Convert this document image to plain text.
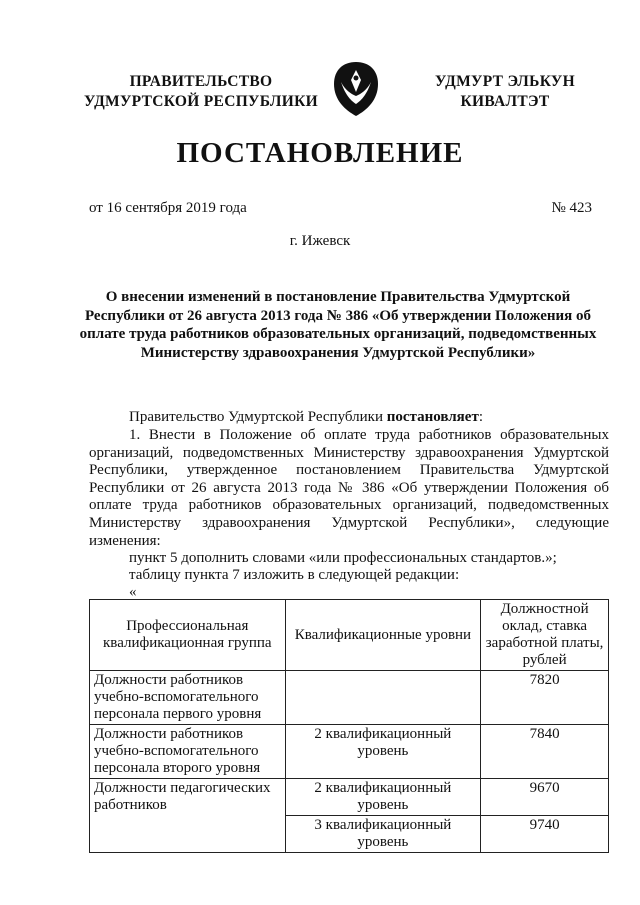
ПРАВИТЕЛЬСТВО
УДМУРТСКОЙ РЕСПУБЛИКИ
УДМУРТ ЭЛЬКУН
КИВАЛТЭТ
ПОСТАНОВЛЕНИЕ
от 16 сентября 2019 года	№ 423
г. Ижевск
О внесении изменений в постановление Правительства Удмуртской Республики от 26 августа 2013 года № 386 «Об утверждении Положения об оплате труда работников образовательных организаций, подведомственных Министерству здравоохранения Удмуртской Республики»
Правительство Удмуртской Республики постановляет:
1. Внести в Положение об оплате труда работников образовательных организаций, подведомственных Министерству здравоохранения Удмуртской Республики, утвержденное постановлением Правительства Удмуртской Республики от 26 августа 2013 года № 386 «Об утверждении Положения об оплате труда работников образовательных организаций, подведомственных Министерству здравоохранения Удмуртской Республики», следующие изменения:
пункт 5 дополнить словами «или профессиональных стандартов.»;
таблицу пункта 7 изложить в следующей редакции:
«
Профессиональная квалификационная группа	Квалификационные уровни	Должностной оклад, ставка заработной платы, рублей
Должности работников учебно-вспомогательного персонала первого уровня		7820
Должности работников учебно-вспомогательного персонала второго уровня	2 квалификационный уровень	7840
Должности педагогических работников	2 квалификационный уровень	9670
	3 квалификационный уровень	9740
